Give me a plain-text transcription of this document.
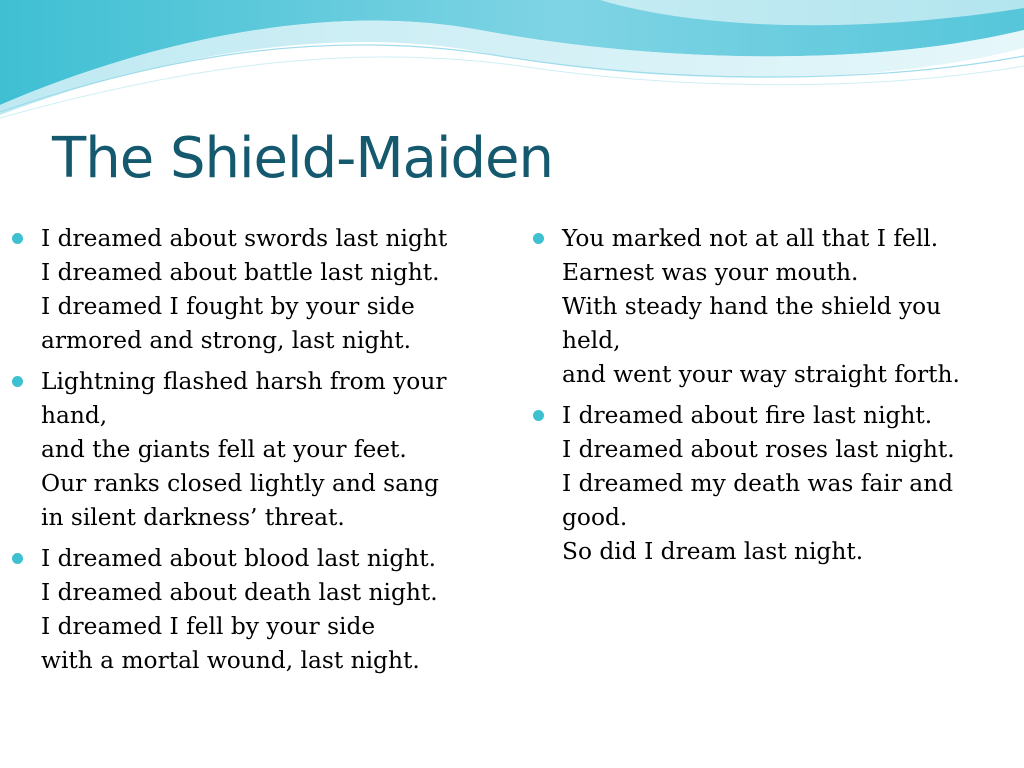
The Shield-Maiden
I dreamed about swords last night
I dreamed about battle last night.
I dreamed I fought by your side
armored and strong, last night.
Lightning flashed harsh from your
hand,
and the giants fell at your feet.
Our ranks closed lightly and sang
in silent darkness’ threat.
I dreamed about blood last night.
I dreamed about death last night.
I dreamed I fell by your side
with a mortal wound, last night.
You marked not at all that I fell.
Earnest was your mouth.
With steady hand the shield you
held,
and went your way straight forth.
I dreamed about fire last night.
I dreamed about roses last night.
I dreamed my death was fair and
good.
So did I dream last night.
